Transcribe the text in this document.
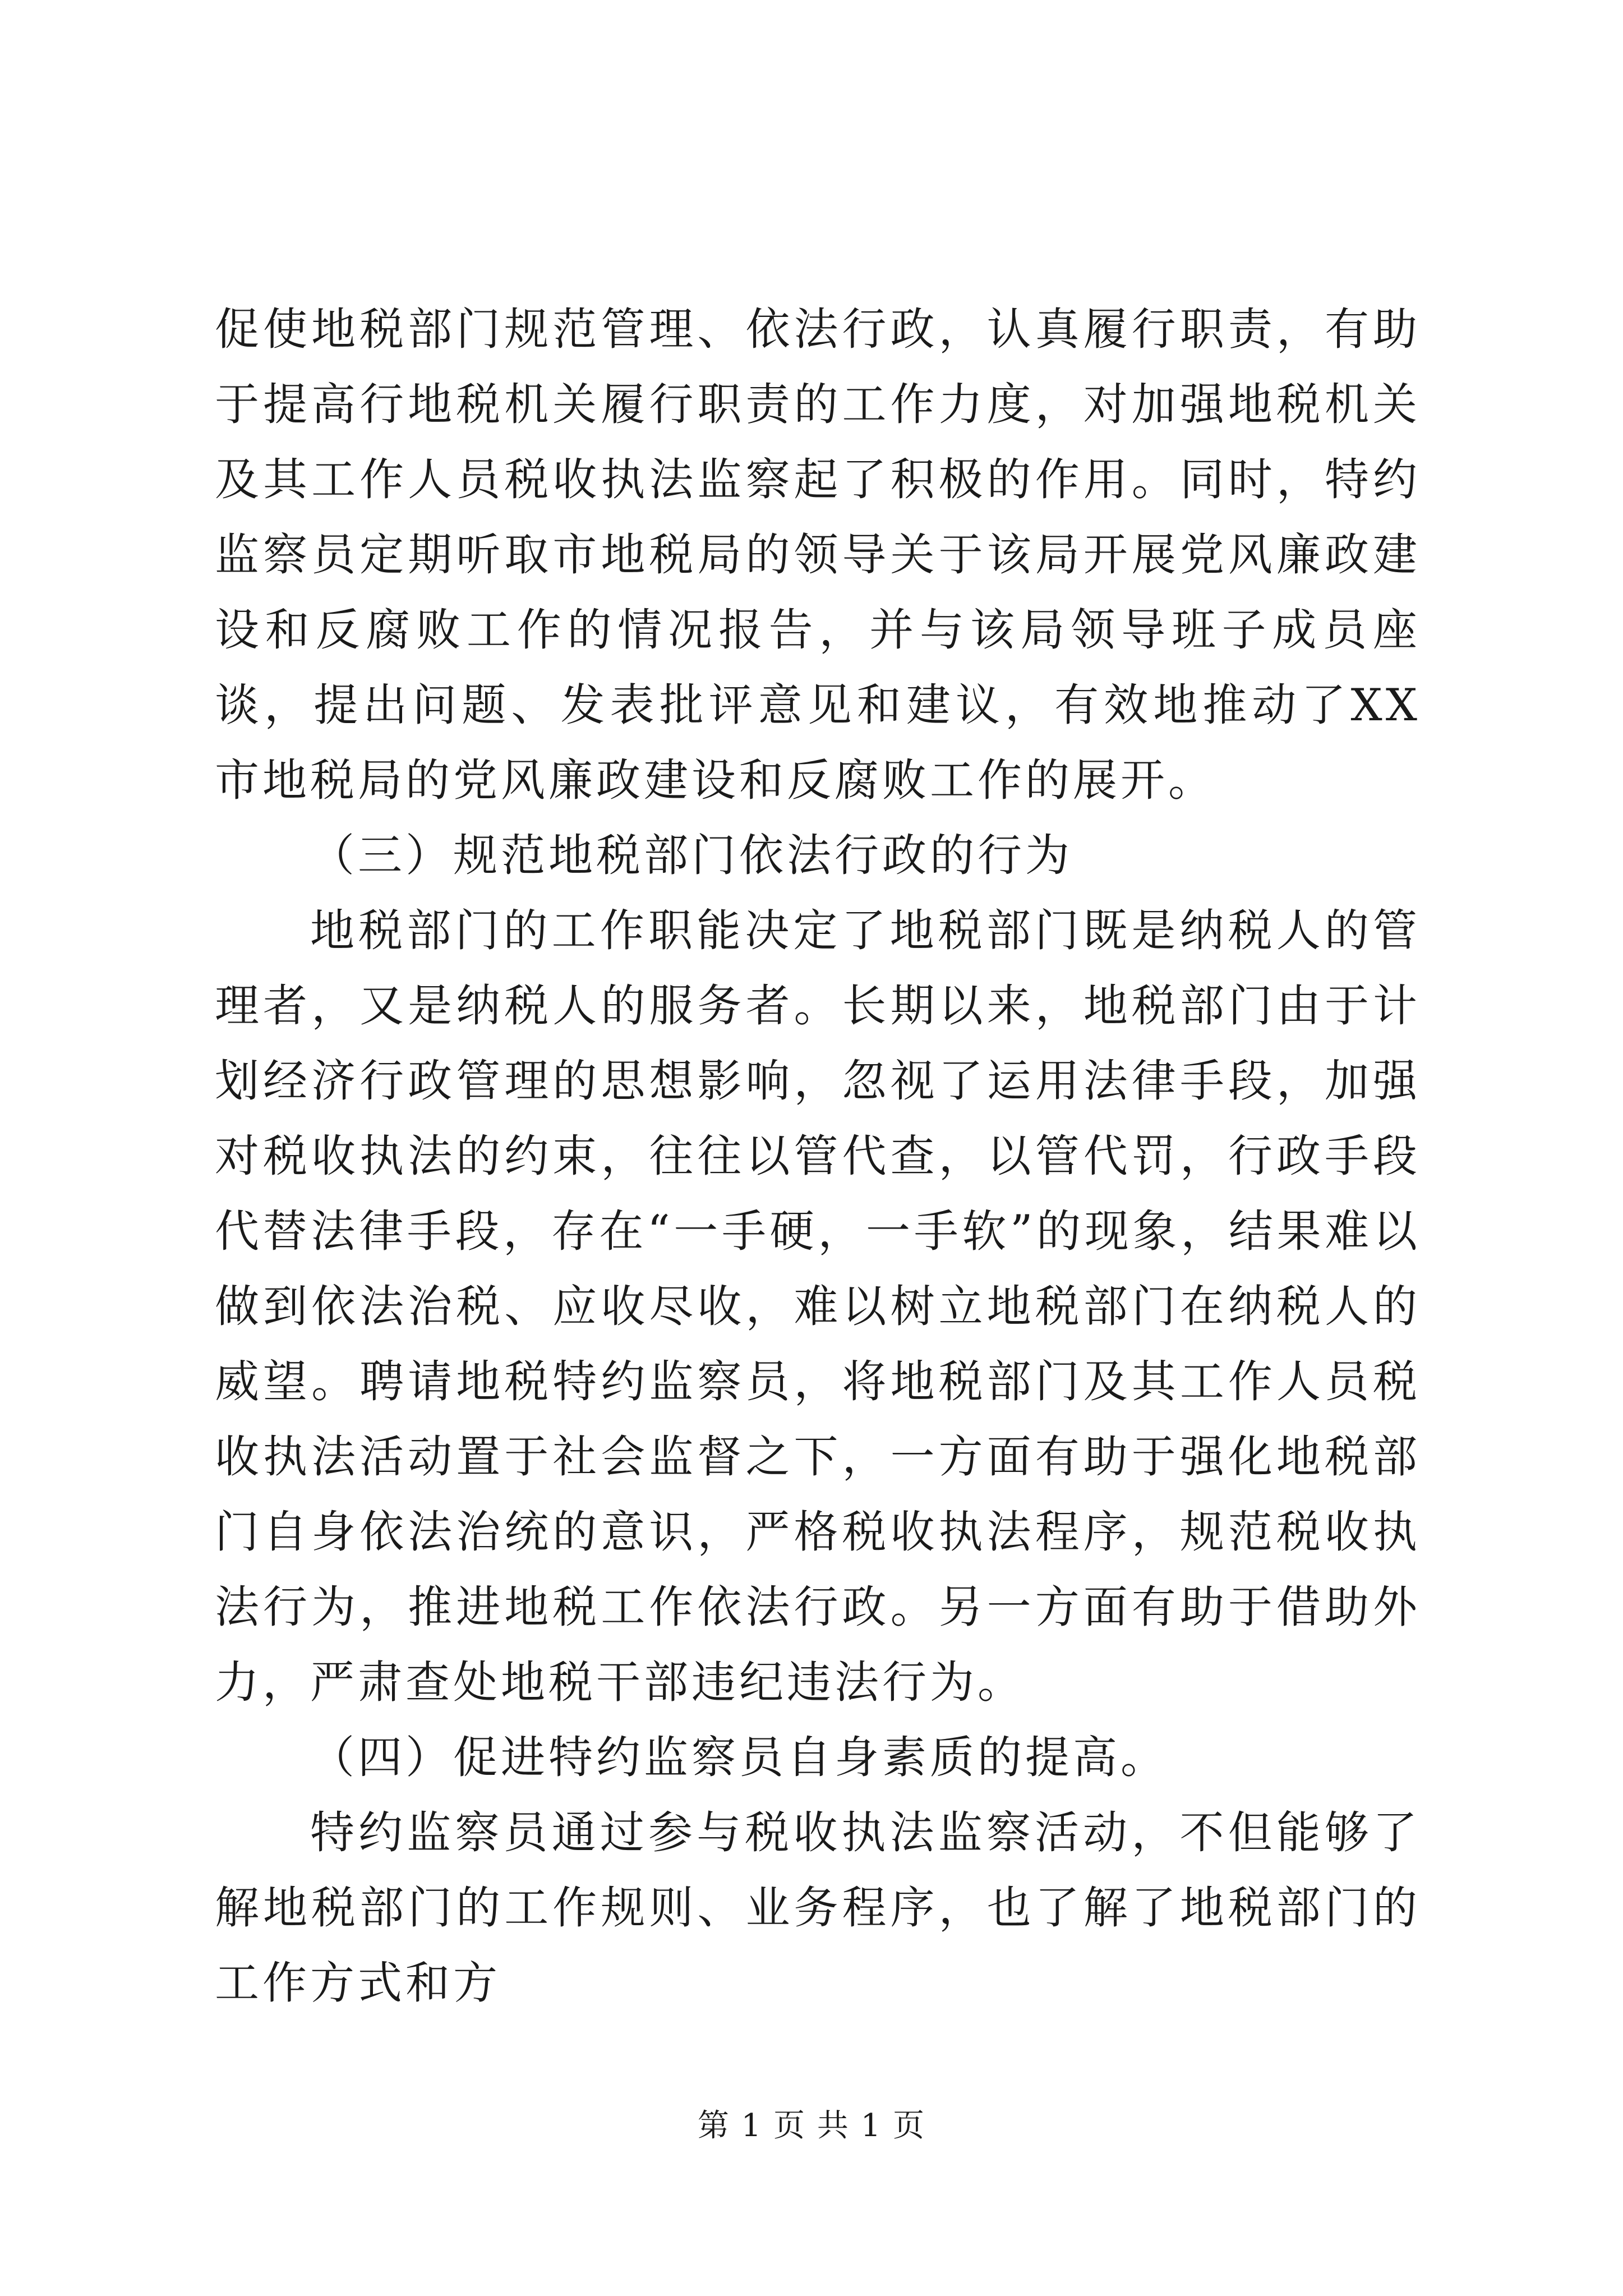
促使地税部门规范管理、依法行政，认真履行职责，有助于提高行地税机关履行职责的工作力度，对加强地税机关及其工作人员税收执法监察起了积极的作用。同时，特约监察员定期听取市地税局的领导关于该局开展党风廉政建设和反腐败工作的情况报告，并与该局领导班子成员座谈，提出问题、发表批评意见和建议，有效地推动了XX市地税局的党风廉政建设和反腐败工作的展开。

（三）规范地税部门依法行政的行为

地税部门的工作职能决定了地税部门既是纳税人的管理者，又是纳税人的服务者。长期以来，地税部门由于计划经济行政管理的思想影响，忽视了运用法律手段，加强对税收执法的约束，往往以管代查，以管代罚，行政手段代替法律手段，存在“一手硬，一手软”的现象，结果难以做到依法治税、应收尽收，难以树立地税部门在纳税人的威望。聘请地税特约监察员，将地税部门及其工作人员税收执法活动置于社会监督之下，一方面有助于强化地税部门自身依法治统的意识，严格税收执法程序，规范税收执法行为，推进地税工作依法行政。另一方面有助于借助外力，严肃查处地税干部违纪违法行为。

（四）促进特约监察员自身素质的提高。

特约监察员通过参与税收执法监察活动，不但能够了解地税部门的工作规则、业务程序，也了解了地税部门的工作方式和方

第 1 页 共 1 页
